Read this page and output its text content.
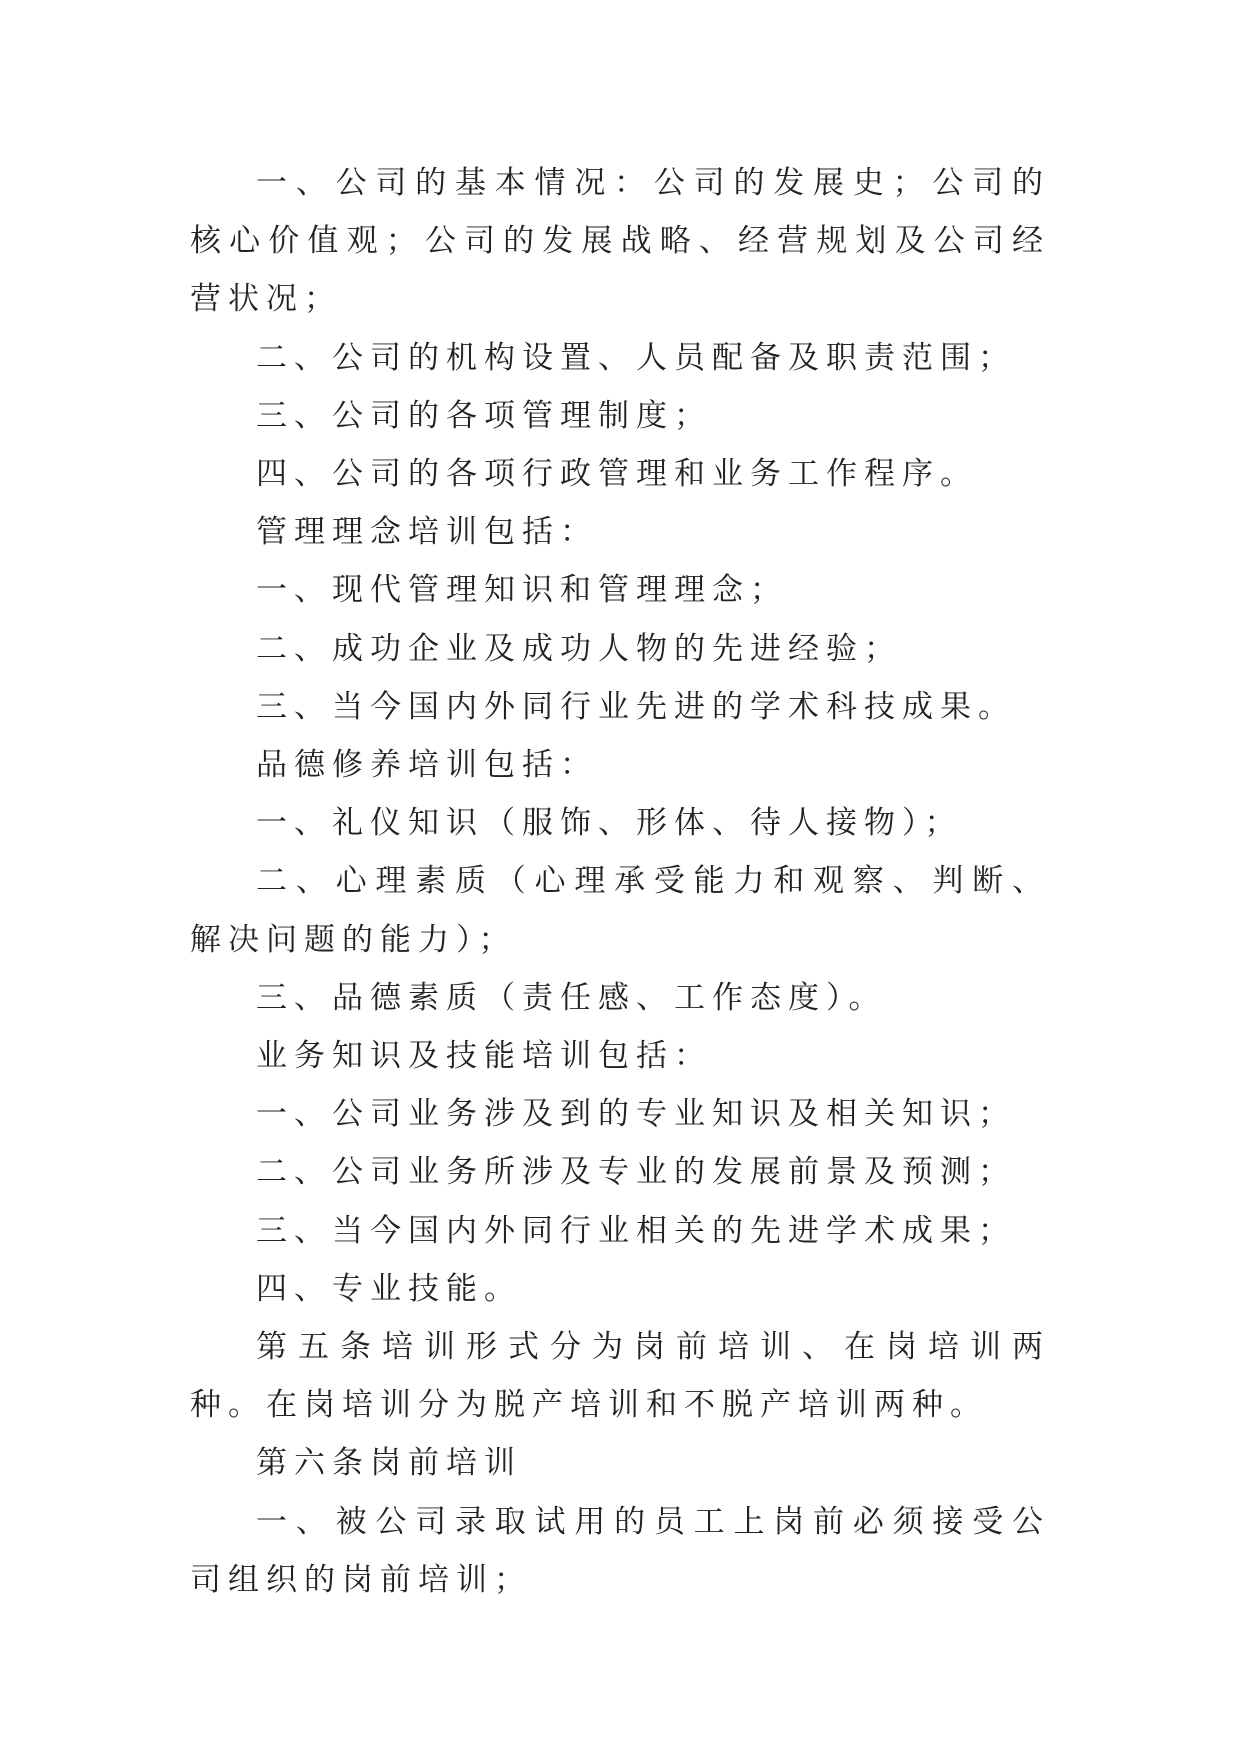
一、公司的基本情况：公司的发展史；公司的核心价值观；公司的发展战略、经营规划及公司经营状况；

二、公司的机构设置、人员配备及职责范围；

三、公司的各项管理制度；

四、公司的各项行政管理和业务工作程序。

管理理念培训包括：

一、现代管理知识和管理理念；

二、成功企业及成功人物的先进经验；

三、当今国内外同行业先进的学术科技成果。

品德修养培训包括：

一、礼仪知识（服饰、形体、待人接物）；

二、心理素质（心理承受能力和观察、判断、解决问题的能力）；

三、品德素质（责任感、工作态度）。

业务知识及技能培训包括：

一、公司业务涉及到的专业知识及相关知识；

二、公司业务所涉及专业的发展前景及预测；

三、当今国内外同行业相关的先进学术成果；

四、专业技能。

第五条培训形式分为岗前培训、在岗培训两种。在岗培训分为脱产培训和不脱产培训两种。

第六条岗前培训

一、被公司录取试用的员工上岗前必须接受公司组织的岗前培训；
